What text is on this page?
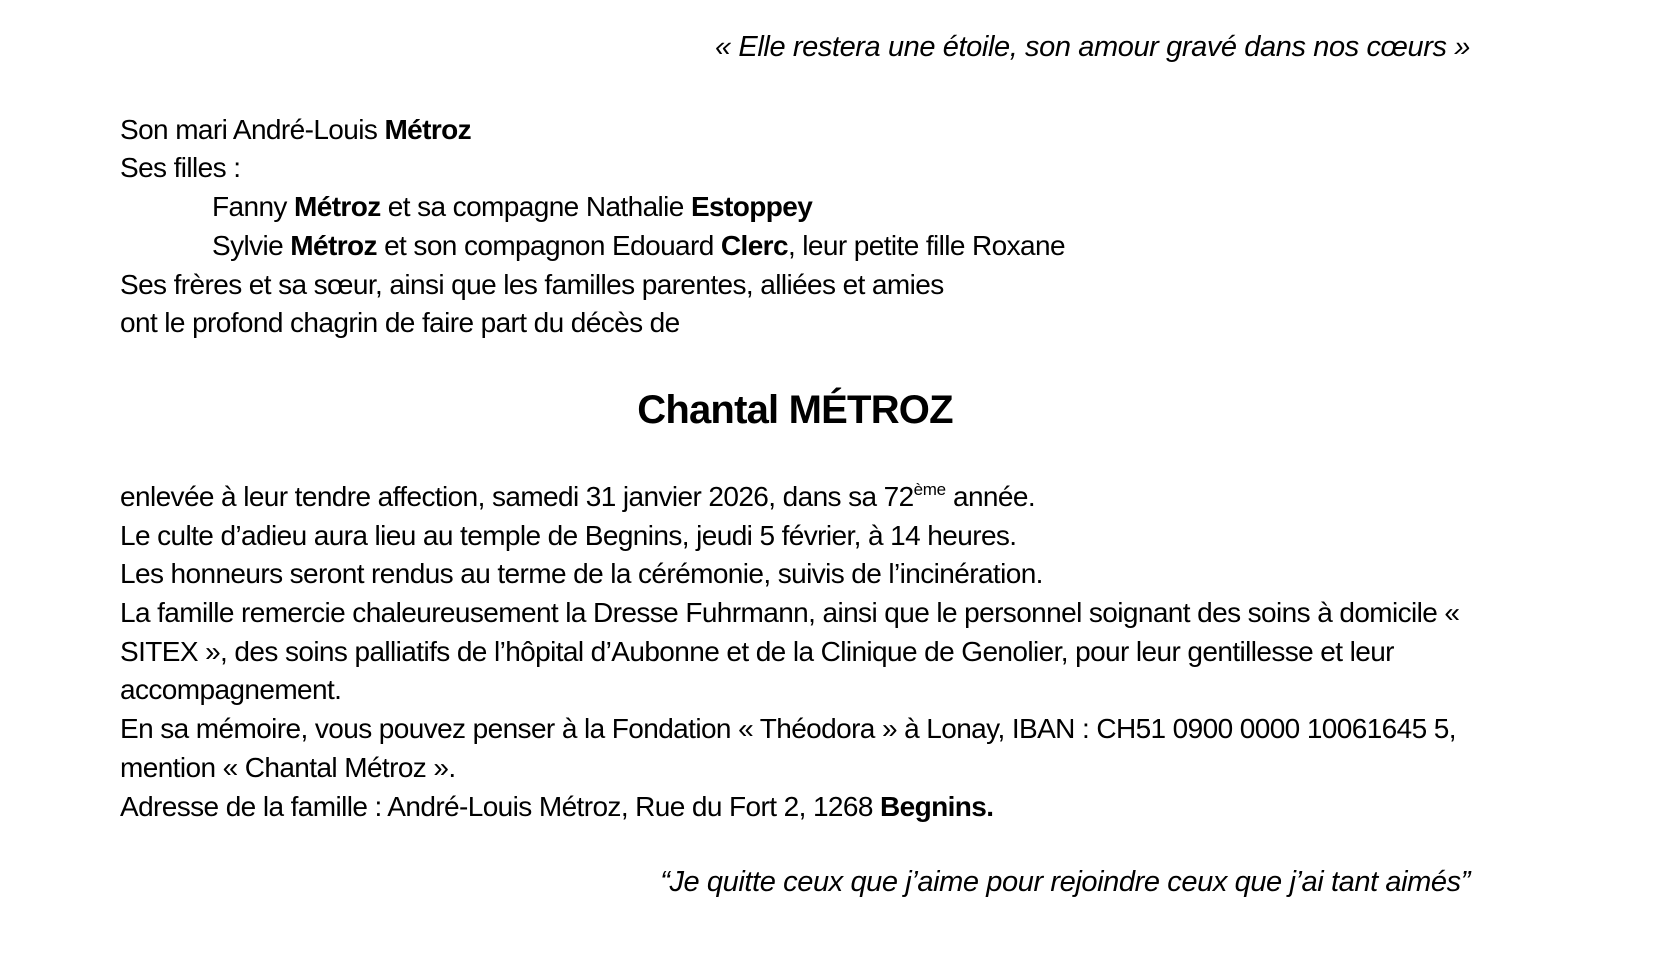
« Elle restera une étoile, son amour gravé dans nos cœurs »

Son mari André-Louis Métroz

Ses filles :

Fanny Métroz et sa compagne Nathalie Estoppey

Sylvie Métroz et son compagnon Edouard Clerc, leur petite fille Roxane

Ses frères et sa sœur, ainsi que les familles parentes, alliées et amies

ont le profond chagrin de faire part du décès de

Chantal MÉTROZ

enlevée à leur tendre affection, samedi 31 janvier 2026, dans sa 72ème année.

Le culte d’adieu aura lieu au temple de Begnins, jeudi 5 février, à 14 heures.

Les honneurs seront rendus au terme de la cérémonie, suivis de l’incinération.

La famille remercie chaleureusement la Dresse Fuhrmann, ainsi que le personnel soignant des soins à domicile « SITEX », des soins palliatifs de l’hôpital d’Aubonne et de la Clinique de Genolier, pour leur gentillesse et leur accompagnement.

En sa mémoire, vous pouvez penser à la Fondation « Théodora » à Lonay, IBAN : CH51 0900 0000 10061645 5, mention « Chantal Métroz ».

Adresse de la famille : André-Louis Métroz, Rue du Fort 2, 1268 Begnins.

“Je quitte ceux que j’aime pour rejoindre ceux que j’ai tant aimés”
